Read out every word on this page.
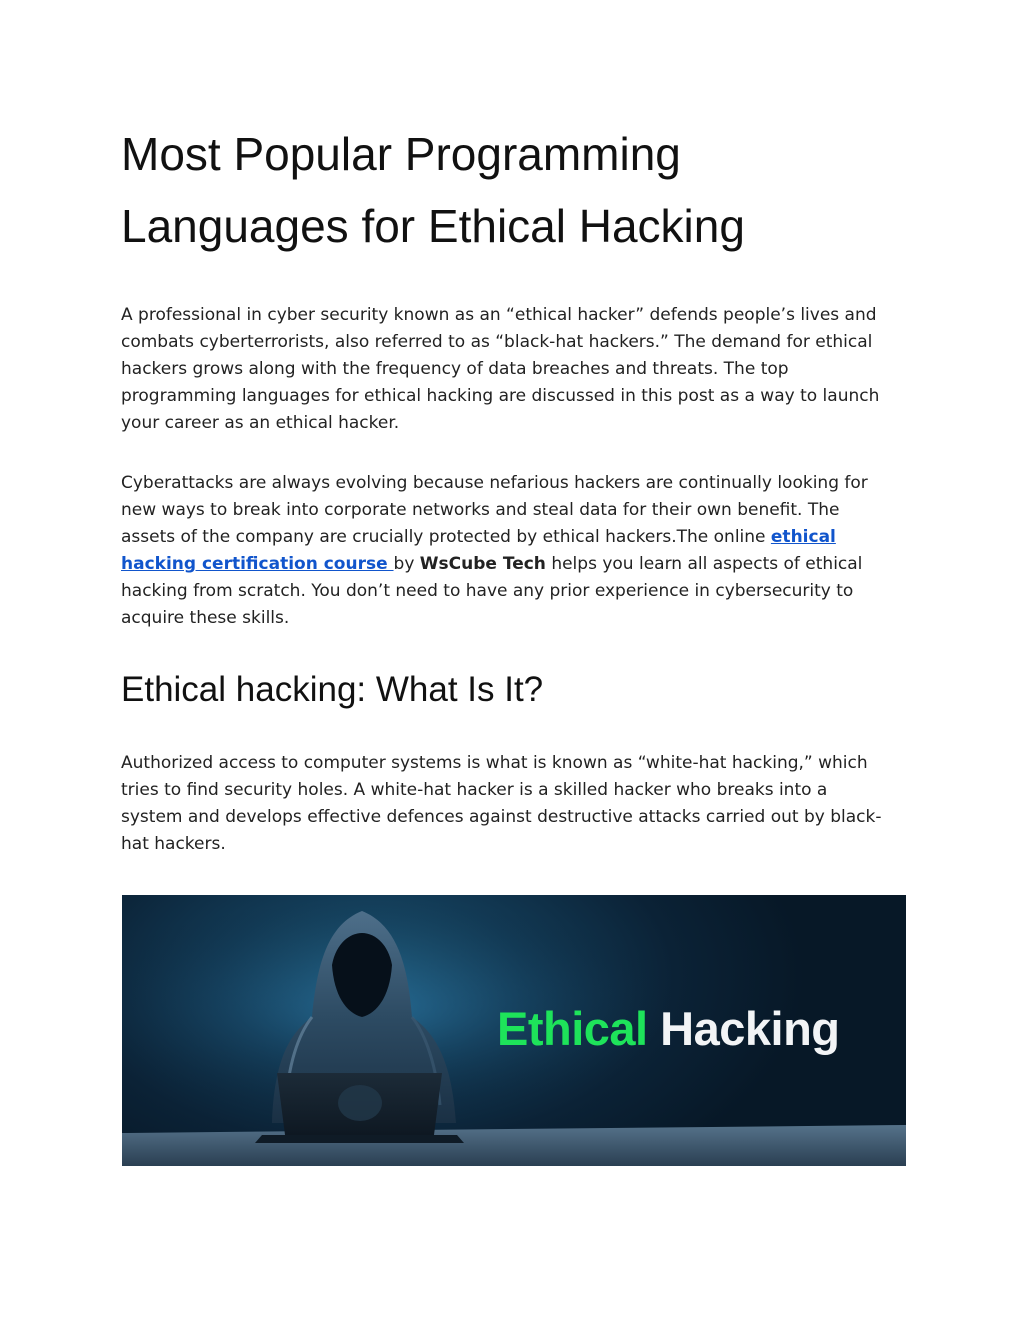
Most Popular Programming Languages for Ethical Hacking

A professional in cyber security known as an “ethical hacker” defends people’s lives and combats cyberterrorists, also referred to as “black-hat hackers.” The demand for ethical hackers grows along with the frequency of data breaches and threats. The top programming languages for ethical hacking are discussed in this post as a way to launch your career as an ethical hacker.

Cyberattacks are always evolving because nefarious hackers are continually looking for new ways to break into corporate networks and steal data for their own benefit. The assets of the company are crucially protected by ethical hackers.The online ethical hacking certification course by WsCube Tech helps you learn all aspects of ethical hacking from scratch. You don’t need to have any prior experience in cybersecurity to acquire these skills.

Ethical hacking: What Is It?

Authorized access to computer systems is what is known as “white-hat hacking,” which tries to find security holes. A white-hat hacker is a skilled hacker who breaks into a system and develops effective defences against destructive attacks carried out by black-hat hackers.

Ethical Hacking
